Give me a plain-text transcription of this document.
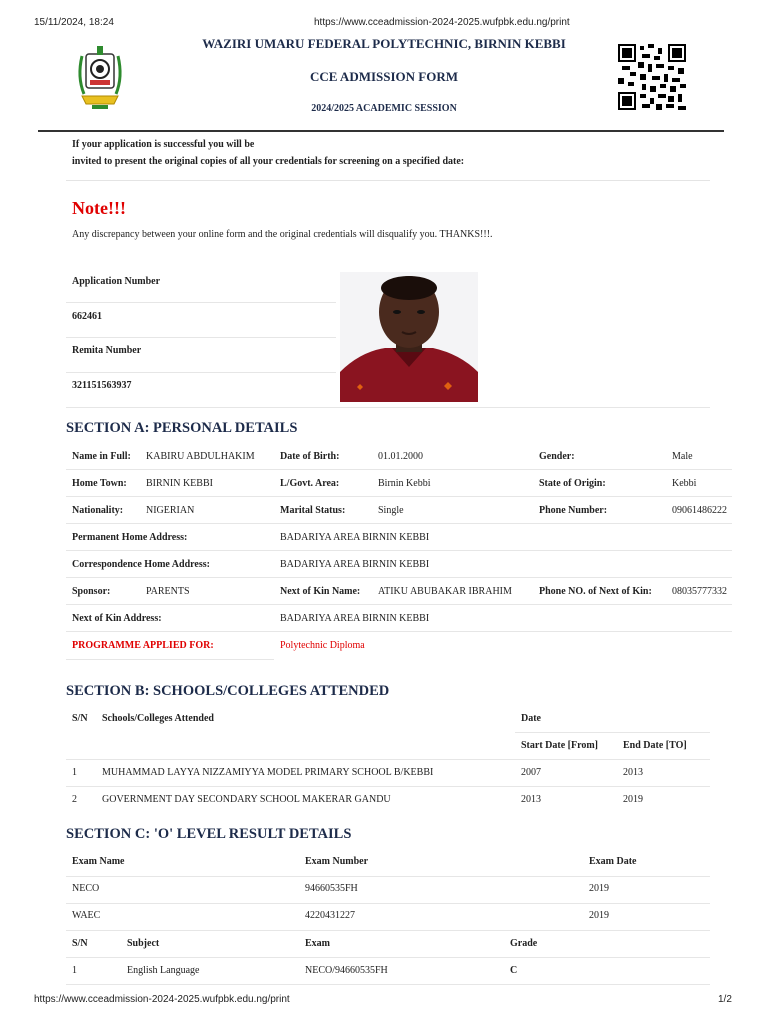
15/11/2024, 18:24	https://www.cceadmission-2024-2025.wufpbk.edu.ng/print
WAZIRI UMARU FEDERAL POLYTECHNIC, BIRNIN KEBBI
CCE ADMISSION FORM
2024/2025 ACADEMIC SESSION
If your application is successful you will be
invited to present the original copies of all your credentials for screening on a specified date:
Note!!!
Any discrepancy between your online form and the original credentials will disqualify you. THANKS!!!.
Application Number
662461
Remita Number
321151563937
SECTION A: PERSONAL DETAILS
Name in Full: KABIRU ABDULHAKIM	Date of Birth:	01.01.2000	Gender:	Male
Home Town: BIRNIN KEBBI	L/Govt. Area:	Birnin Kebbi	State of Origin:	Kebbi
Nationality: NIGERIAN	Marital Status:	Single	Phone Number:	09061486222
Permanent Home Address:	BADARIYA AREA BIRNIN KEBBI
Correspondence Home Address:	BADARIYA AREA BIRNIN KEBBI
Sponsor:	PARENTS	Next of Kin Name: ATIKU ABUBAKAR IBRAHIM	Phone NO. of Next of Kin: 08035777332
Next of Kin Address:	BADARIYA AREA BIRNIN KEBBI
PROGRAMME APPLIED FOR:	Polytechnic Diploma
SECTION B: SCHOOLS/COLLEGES ATTENDED
S/N Schools/Colleges Attended	Date
Start Date [From] End Date [TO]
1	MUHAMMAD LAYYA NIZZAMIYYA MODEL PRIMARY SCHOOL B/KEBBI	2007	2013
2	GOVERNMENT DAY SECONDARY SCHOOL MAKERAR GANDU	2013	2019
SECTION C: 'O' LEVEL RESULT DETAILS
Exam Name	Exam Number	Exam Date
NECO	94660535FH	2019
WAEC	4220431227	2019
S/N	Subject	Exam	Grade
1	English Language	NECO/94660535FH	C
https://www.cceadmission-2024-2025.wufpbk.edu.ng/print	1/2
